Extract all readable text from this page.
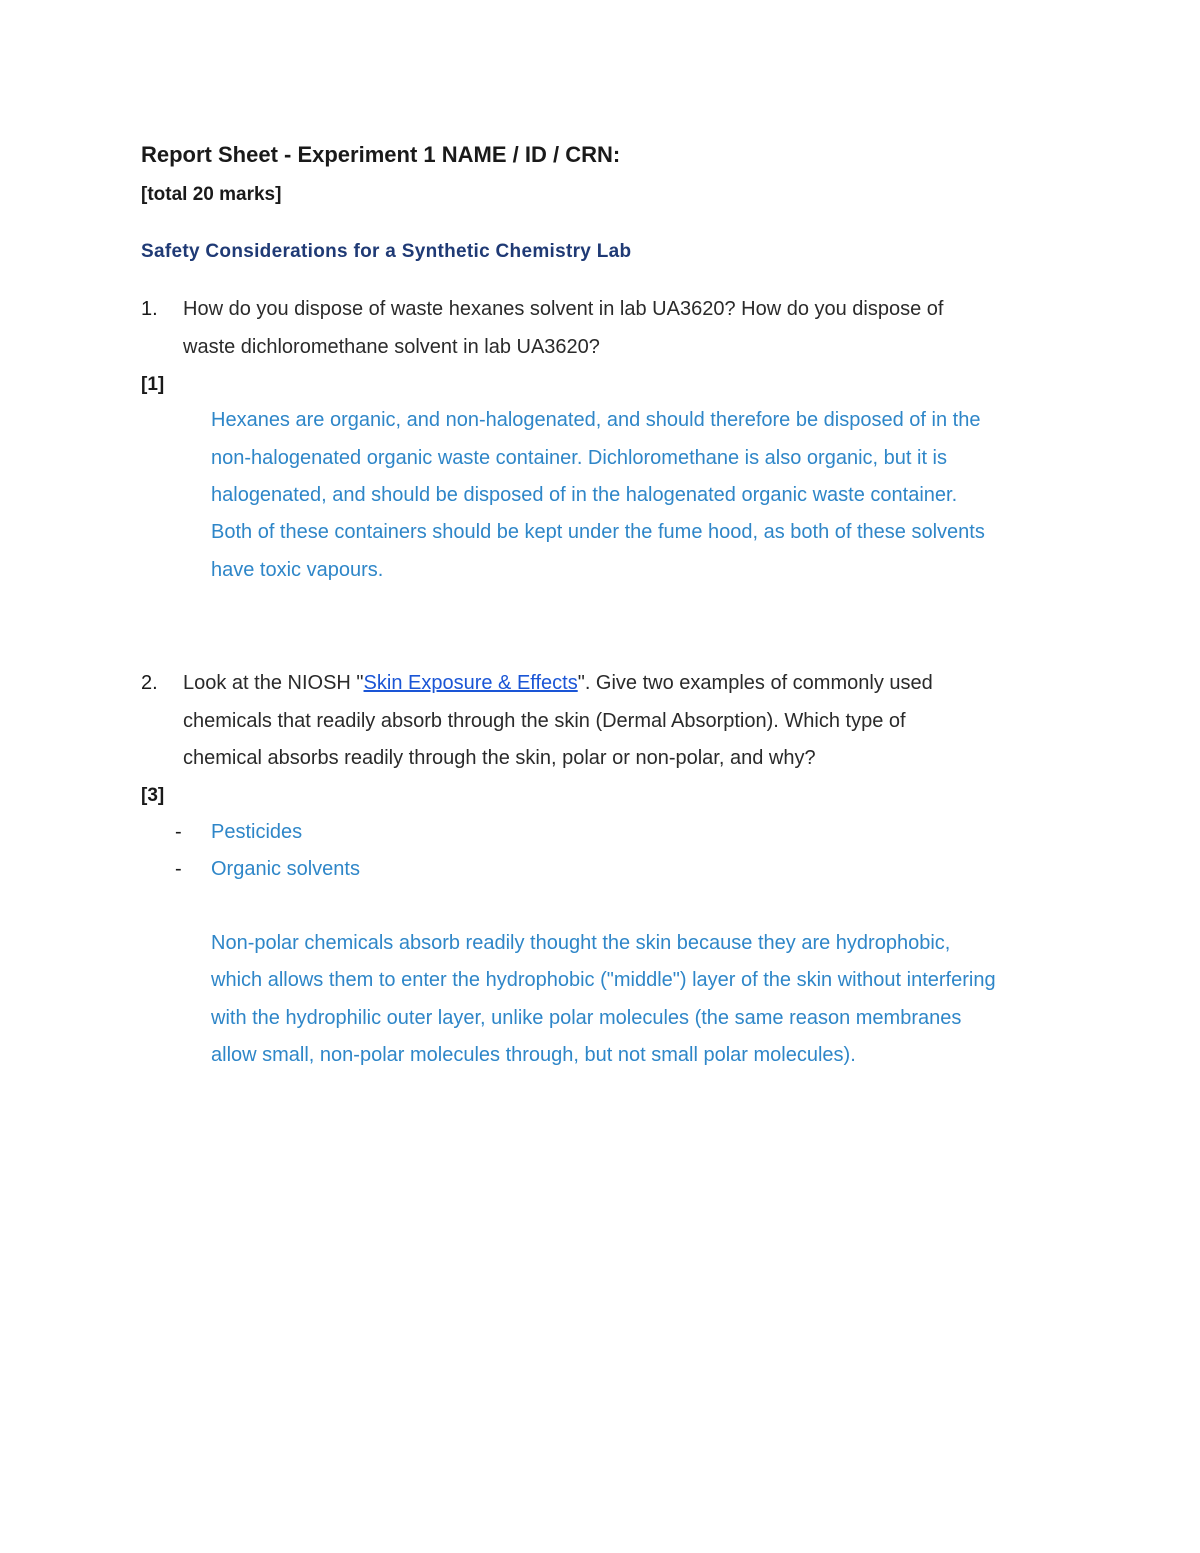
Report Sheet - Experiment 1 NAME / ID / CRN:
[total 20 marks]
Safety Considerations for a Synthetic Chemistry Lab
1. How do you dispose of waste hexanes solvent in lab UA3620? How do you dispose of
waste dichloromethane solvent in lab UA3620?
[1]
Hexanes are organic, and non-halogenated, and should therefore be disposed of in the
non-halogenated organic waste container. Dichloromethane is also organic, but it is
halogenated, and should be disposed of in the halogenated organic waste container.
Both of these containers should be kept under the fume hood, as both of these solvents
have toxic vapours.
2. Look at the NIOSH "Skin Exposure & Effects". Give two examples of commonly used
chemicals that readily absorb through the skin (Dermal Absorption). Which type of
chemical absorbs readily through the skin, polar or non-polar, and why?
[3]
- Pesticides
- Organic solvents
Non-polar chemicals absorb readily thought the skin because they are hydrophobic,
which allows them to enter the hydrophobic ("middle") layer of the skin without interfering
with the hydrophilic outer layer, unlike polar molecules (the same reason membranes
allow small, non-polar molecules through, but not small polar molecules).
